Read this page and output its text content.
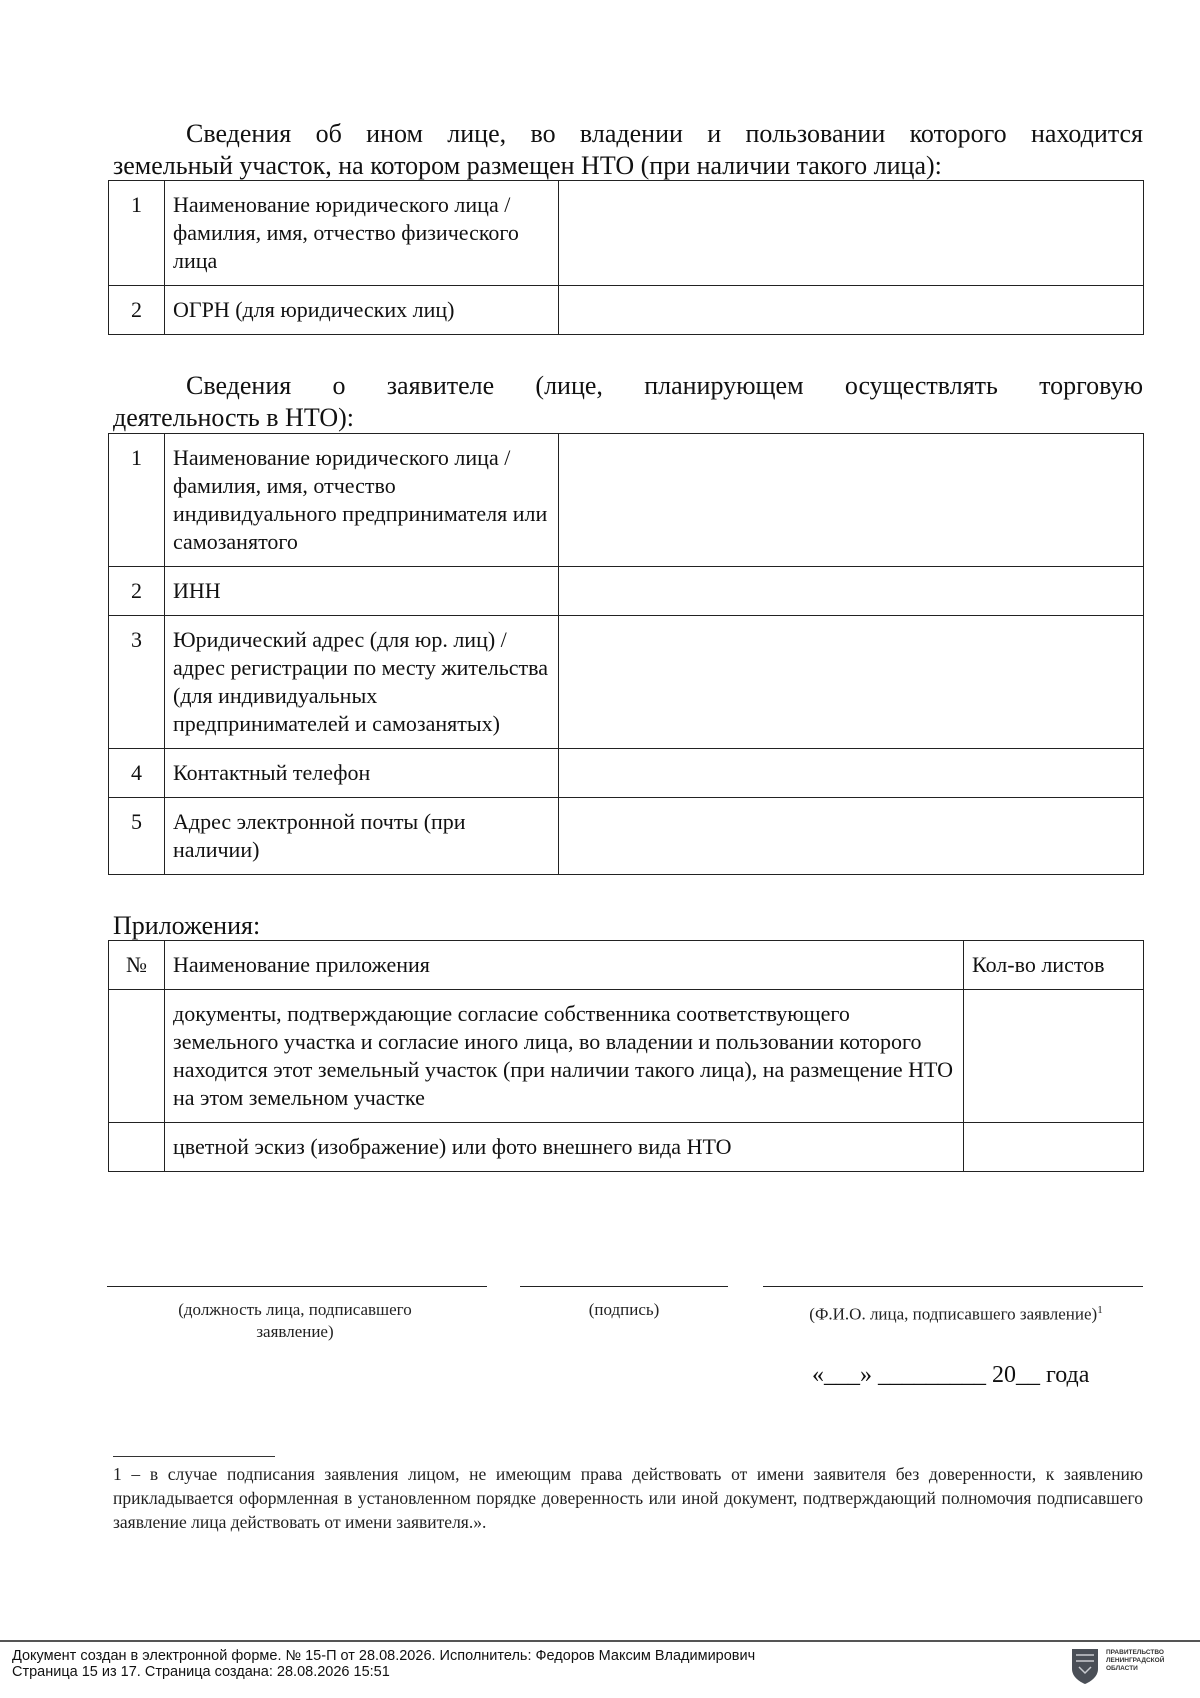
Сведения об ином лице, во владении и пользовании которого находится
земельный участок, на котором размещен НТО (при наличии такого лица):
1	Наименование юридического лица / фамилия, имя, отчество физического лица	
2	ОГРН (для юридических лиц)	
Сведения о заявителе (лице, планирующем осуществлять торговую
деятельность в НТО):
1	Наименование юридического лица / фамилия, имя, отчество индивидуального предпринимателя или самозанятого	
2	ИНН	
3	Юридический адрес (для юр. лиц) / адрес регистрации по месту жительства (для индивидуальных предпринимателей и самозанятых)	
4	Контактный телефон	
5	Адрес электронной почты (при наличии)	
Приложения:
№	Наименование приложения	Кол-во листов
	документы, подтверждающие согласие собственника соответствующего земельного участка и согласие иного лица, во владении и пользовании которого находится этот земельный участок (при наличии такого лица), на размещение НТО на этом земельном участке	
	цветной эскиз (изображение) или фото внешнего вида НТО	
(должность лица, подписавшего заявление)
(подпись)	(Ф.И.О. лица, подписавшего заявление)$^1$
«___» _________ 20__ года
1 – в случае подписания заявления лицом, не имеющим права действовать от имени заявителя без доверенности, к заявлению прикладывается оформленная в установленном порядке доверенность или иной документ, подтверждающий полномочия подписавшего заявление лица действовать от имени заявителя.».
Документ создан в электронной форме. № 15-П от 28.08.2026. Исполнитель: Федоров Максим Владимирович
Страница 15 из 17. Страница создана: 28.08.2026 15:51
ПРАВИТЕЛЬСТВО ЛЕНИНГРАДСКОЙ ОБЛАСТИ
